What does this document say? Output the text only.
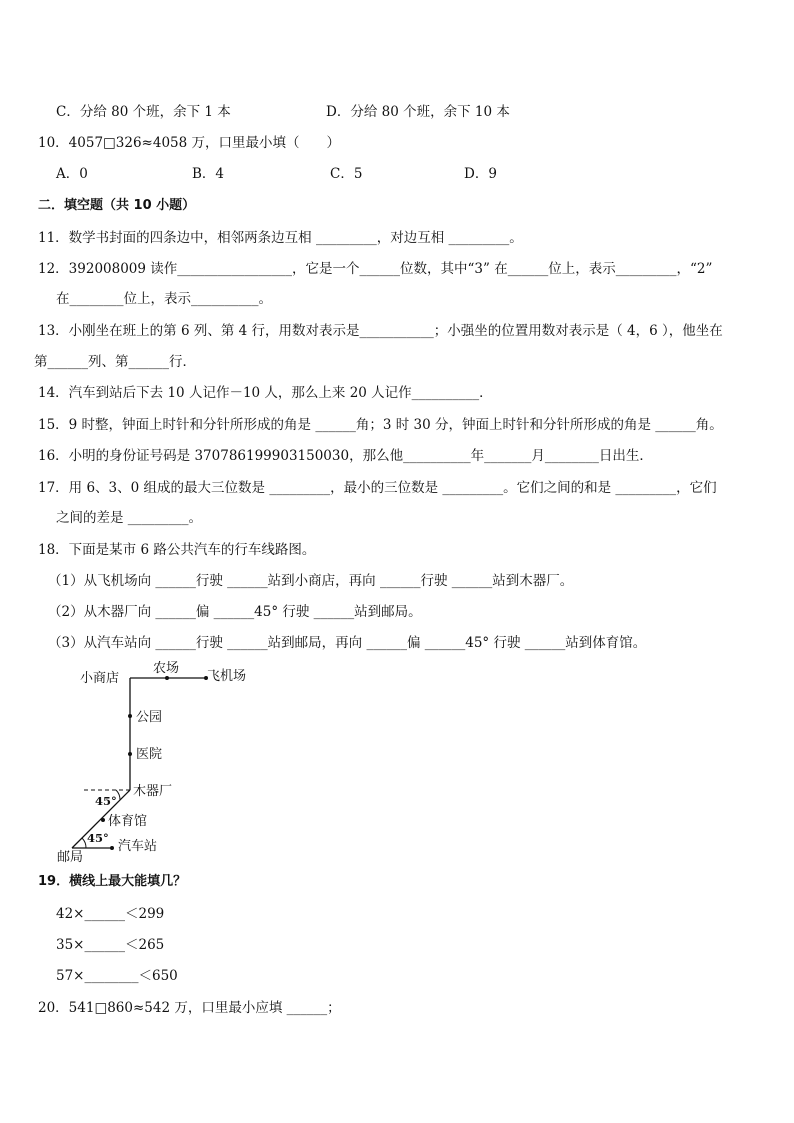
C．分给 80 个班，余下 1 本	D．分给 80 个班，余下 10 本
10．4057□326≈4058 万，口里最小填（　　）
A．0	B．4	C．5	D．9
二．填空题（共 10 小题）
11．数学书封面的四条边中，相邻两条边互相 _________，对边互相 _________。
12．392008009 读作_________________，它是一个______位数，其中“3” 在______位上，表示_________，“2”
在________位上，表示__________。
13．小刚坐在班上的第 6 列、第 4 行，用数对表示是___________；小强坐的位置用数对表示是（ 4，6 ），他坐在
第______列、第______行．
14．汽车到站后下去 10 人记作－10 人，那么上来 20 人记作__________．
15．9 时整，钟面上时针和分针所形成的角是 ______角；3 时 30 分，钟面上时针和分针所形成的角是 ______角。
16．小明的身份证号码是 370786199903150030，那么他__________年_______月________日出生．
17．用 6、3、0 组成的最大三位数是 _________，最小的三位数是 _________。它们之间的和是 _________，它们
之间的差是 _________。
18．下面是某市 6 路公共汽车的行车线路图。
（1）从飞机场向 ______行驶 ______站到小商店，再向 ______行驶 ______站到木器厂。
（2）从木器厂向 ______偏 ______45° 行驶 ______站到邮局。
（3）从汽车站向 ______行驶 ______站到邮局，再向 ______偏 ______45° 行驶 ______站到体育馆。
小商店
农场
飞机场
公园
医院
木器厂
体育馆
邮局
汽车站
45°
45°
19．横线上最大能填几？
42×______＜299
35×______＜265
57×________＜650
20．541□860≈542 万，口里最小应填 ______；
